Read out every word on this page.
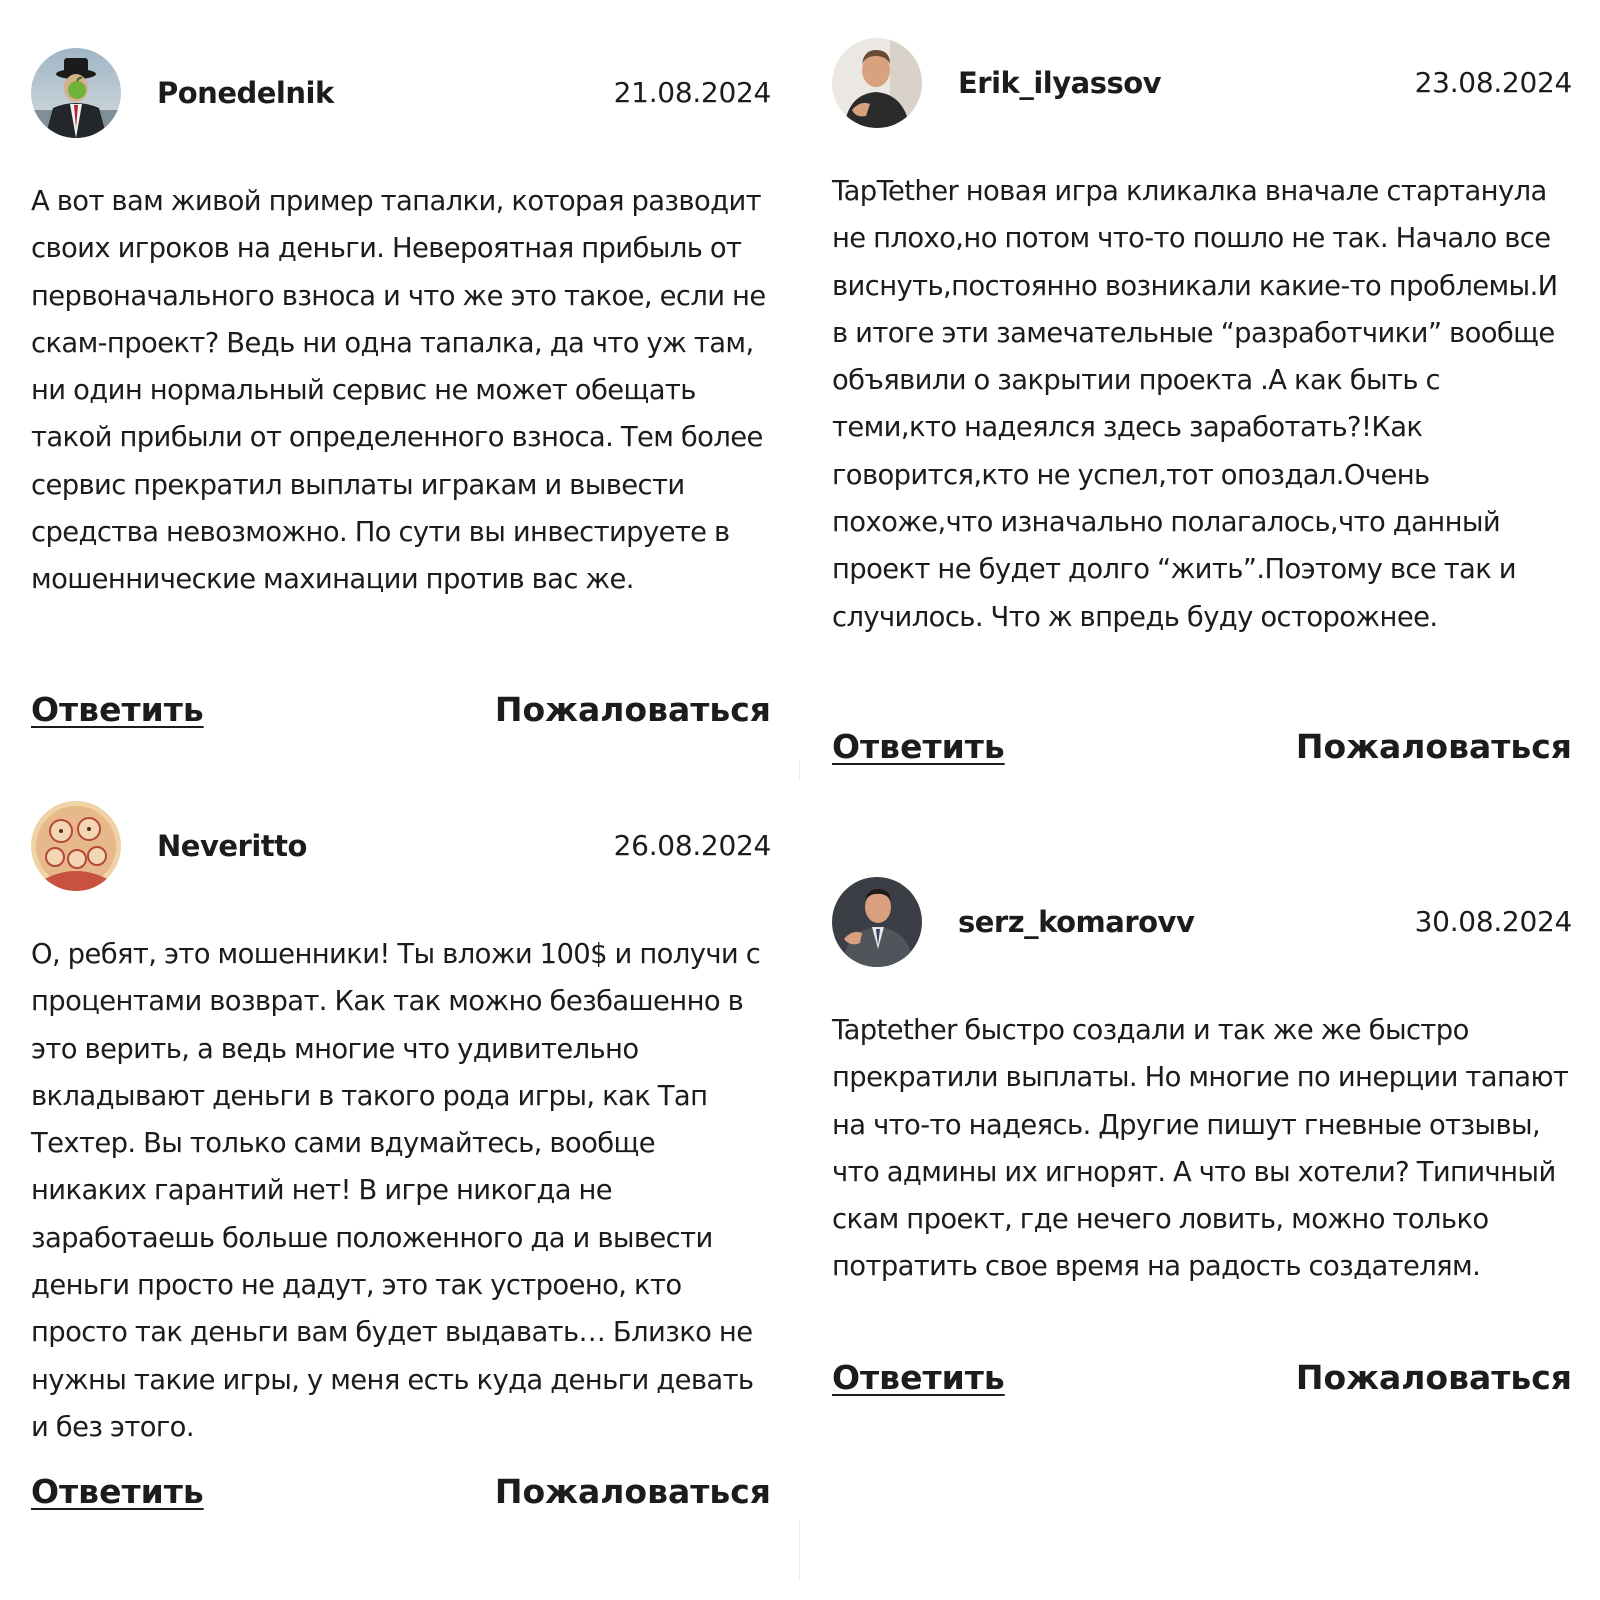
Ponedelnik	21.08.2024
А вот вам живой пример тапалки, которая разводит своих игроков на деньги. Невероятная прибыль от первоначального взноса и что же это такое, если не скам-проект? Ведь ни одна тапалка, да что уж там, ни один нормальный сервис не может обещать такой прибыли от определенного взноса. Тем более сервис прекратил выплаты игракам и вывести средства невозможно. По сути вы инвестируете в мошеннические махинации против вас же.
Ответить	Пожаловаться
Erik_ilyassov	23.08.2024
TapTether новая игра кликалка вначале стартанула не плохо,но потом что-то пошло не так. Начало все виснуть,постоянно возникали какие-то проблемы.И в итоге эти замечательные “разработчики” вообще объявили о закрытии проекта .А как быть с теми,кто надеялся здесь заработать?!Как говорится,кто не успел,тот опоздал.Очень похоже,что изначально полагалось,что данный проект не будет долго “жить”.Поэтому все так и случилось. Что ж впредь буду осторожнее.
Ответить	Пожаловаться
Neveritto	26.08.2024
О, ребят, это мошенники! Ты вложи 100$ и получи с процентами возврат. Как так можно безбашенно в это верить, а ведь многие что удивительно вкладывают деньги в такого рода игры, как Тап Техтер. Вы только сами вдумайтесь, вообще никаких гарантий нет! В игре никогда не заработаешь больше положенного да и вывести деньги просто не дадут, это так устроено, кто просто так деньги вам будет выдавать… Близко не нужны такие игры, у меня есть куда деньги девать и без этого.
Ответить	Пожаловаться
serz_komarovv	30.08.2024
Taptether быстро создали и так же же быстро прекратили выплаты. Но многие по инерции тапают на что-то надеясь. Другие пишут гневные отзывы, что админы их игнорят. А что вы хотели? Типичный скам проект, где нечего ловить, можно только потратить свое время на радость создателям.
Ответить	Пожаловаться
